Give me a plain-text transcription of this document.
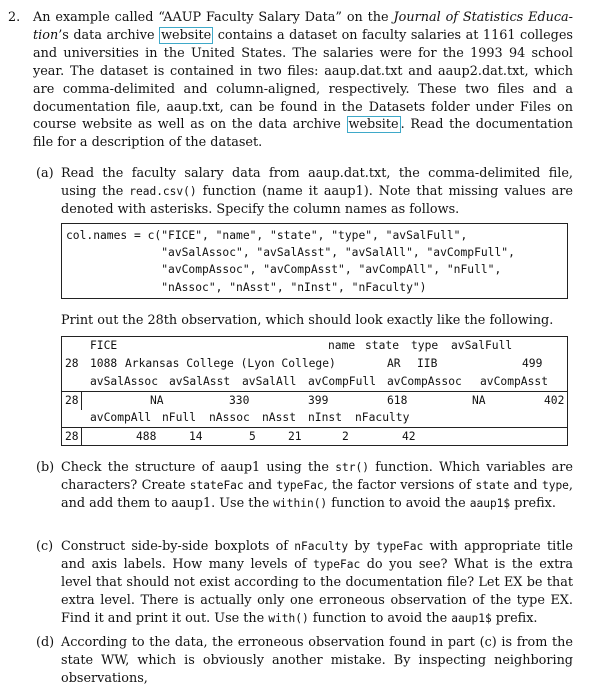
2. An example called “AAUP Faculty Salary Data” on the Journal of Statistics Educa- tion’s data archive website contains a dataset on faculty salaries at 1161 colleges and universities in the United States. The salaries were for the 1993 94 school year. The dataset is contained in two files: aaup.dat.txt and aaup2.dat.txt, which are comma-delimited and column-aligned, respectively. These two files and a documentation file, aaup.txt, can be found in the Datasets folder under Files on course website as well as on the data archive website . Read the documentation file for a description of the dataset.
(a) Read the faculty salary data from aaup.dat.txt, the comma-delimited file, using the read.csv() function (name it aaup1). Note that missing values are denoted with asterisks. Specify the column names as follows.
col.names = c("FICE", "name", "state", "type", "avSalFull",
"avSalAssoc", "avSalAsst", "avSalAll", "avCompFull",
"avCompAssoc", "avCompAsst", "avCompAll", "nFull",
"nAssoc", "nAsst", "nInst", "nFaculty")
Print out the 28th observation, which should look exactly like the following.
FICE	name state type avSalFull
28 1088 Arkansas College (Lyon College)	AR IIB	499
avSalAssoc avSalAsst avSalAll avCompFull avCompAssoc avCompAsst
28	NA	330	399	618	NA	402
avCompAll nFull nAssoc nAsst nInst nFaculty
28	488	14	5	21	2	42
(b) Check the structure of aaup1 using the str() function. Which variables are characters? Create stateFac and typeFac, the factor versions of state and type, and add them to aaup1. Use the within() function to avoid the aaup1$ prefix.
(c) Construct side-by-side boxplots of nFaculty by typeFac with appropriate title and axis labels. How many levels of typeFac do you see? What is the extra level that should not exist according to the documentation file? Let EX be that extra level. There is actually only one erroneous observation of the type EX. Find it and print it out. Use the with() function to avoid the aaup1$ prefix.
(d) According to the data, the erroneous observation found in part (c) is from the state WW, which is obviously another mistake. By inspecting neighboring observations,
